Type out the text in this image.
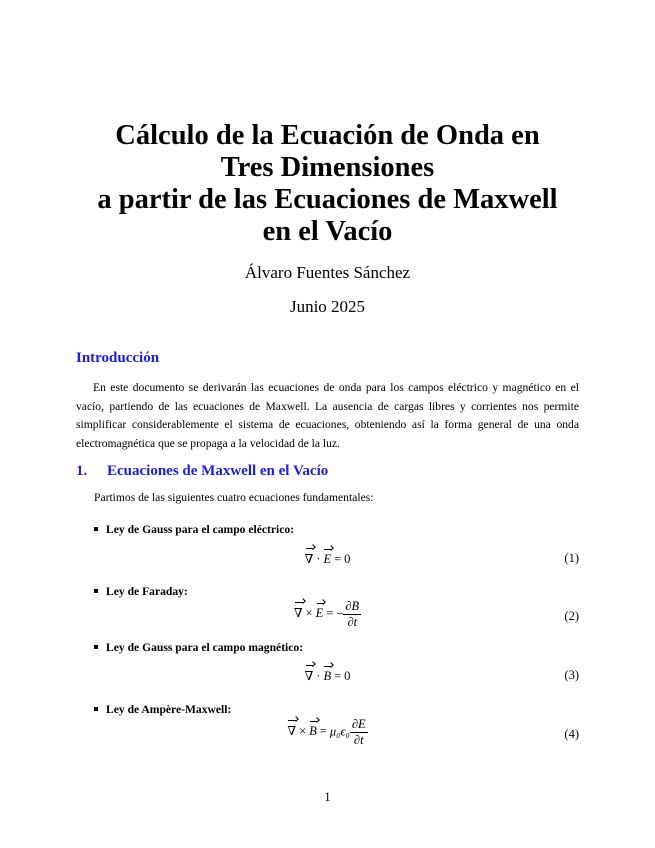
Cálculo de la Ecuación de Onda en
Tres Dimensiones
a partir de las Ecuaciones de Maxwell
en el Vacío
Álvaro Fuentes Sánchez
Junio 2025
Introducción

En este documento se derivarán las ecuaciones de onda para los campos eléctrico y magnético en el vacío, partiendo de las ecuaciones de Maxwell. La ausencia de cargas libres y corrientes nos permite simplificar considerablemente el sistema de ecuaciones, obteniendo así la forma general de una onda electromagnética que se propaga a la velocidad de la luz.

1. Ecuaciones de Maxwell en el Vacío

Partimos de las siguientes cuatro ecuaciones fundamentales:

Ley de Gauss para el campo eléctrico:
∇ · E = 0	(1)
Ley de Faraday:
∇ × E = − $\frac{\partial B}{\partial t}$	(2)
Ley de Gauss para el campo magnético:
∇ · B = 0	(3)
Ley de Ampère-Maxwell:
∇ × $B = \mu_0\epsilon_0 \frac{\partial E}{\partial t}$	(4)
1
